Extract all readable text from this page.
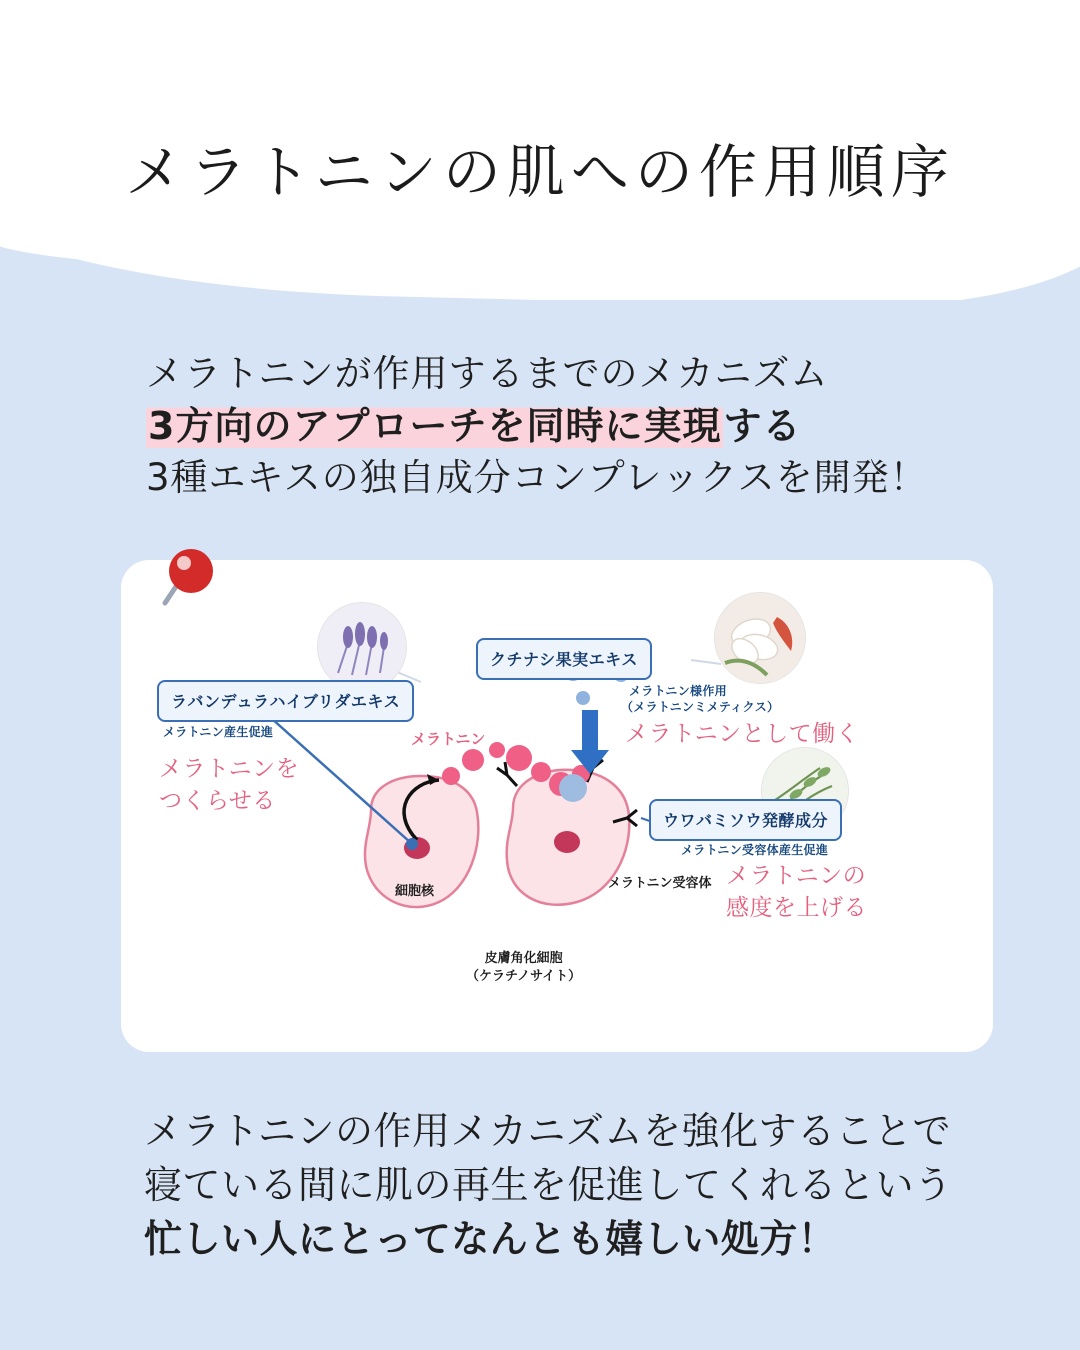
メラトニンの肌への作用順序
メラトニンが作用するまでのメカニズム
3方向のアプローチを同時に実現する
3種エキスの独自成分コンプレックスを開発！
ラバンデュラハイブリダエキス
メラトニン産生促進
メラトニンを
つくらせる
クチナシ果実エキス
メラトニン様作用
（メラトニンミメティクス）
メラトニンとして働く
ウワバミソウ発酵成分
メラトニン受容体産生促進
メラトニンの
感度を上げる
メラトニン
細胞核
メラトニン受容体
皮膚角化細胞
（ケラチノサイト）
メラトニンの作用メカニズムを強化することで
寝ている間に肌の再生を促進してくれるという
忙しい人にとってなんとも嬉しい処方！
